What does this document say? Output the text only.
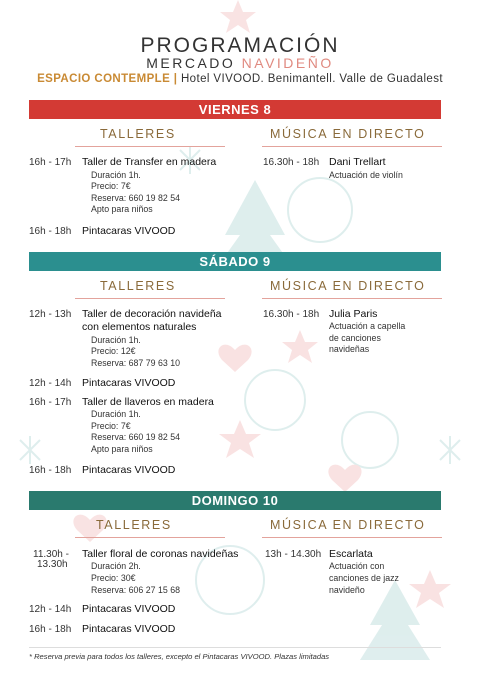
PROGRAMACIÓN
MERCADO NAVIDEÑO
ESPACIO CONTEMPLE | Hotel VIVOOD. Benimantell. Valle de Guadalest
VIERNES 8
TALLERES	MÚSICA EN DIRECTO
16h - 17h Taller de Transfer en madera
Duración 1h.
Precio: 7€
Reserva: 660 19 82 54
Apto para niños
16h - 18h Pintacaras VIVOOD
16.30h - 18h Dani Trellart
Actuación de violín
SÁBADO 9
TALLERES	MÚSICA EN DIRECTO
12h - 13h Taller de decoración navideña
con elementos naturales
Duración 1h.
Precio: 12€
Reserva: 687 79 63 10
12h - 14h Pintacaras VIVOOD
16h - 17h Taller de llaveros en madera
Duración 1h.
Precio: 7€
Reserva: 660 19 82 54
Apto para niños
16h - 18h Pintacaras VIVOOD
16.30h - 18h Julia Paris
Actuación a capella
de canciones
navideñas
DOMINGO 10
TALLERES	MÚSICA EN DIRECTO
11.30h -
13.30h
Taller floral de coronas navideñas
Duración 2h.
Precio: 30€
Reserva: 606 27 15 68
12h - 14h Pintacaras VIVOOD
16h - 18h Pintacaras VIVOOD
13h - 14.30h Escarlata
Actuación con
canciones de jazz
navideño
* Reserva previa para todos los talleres, excepto el Pintacaras VIVOOD. Plazas limitadas
